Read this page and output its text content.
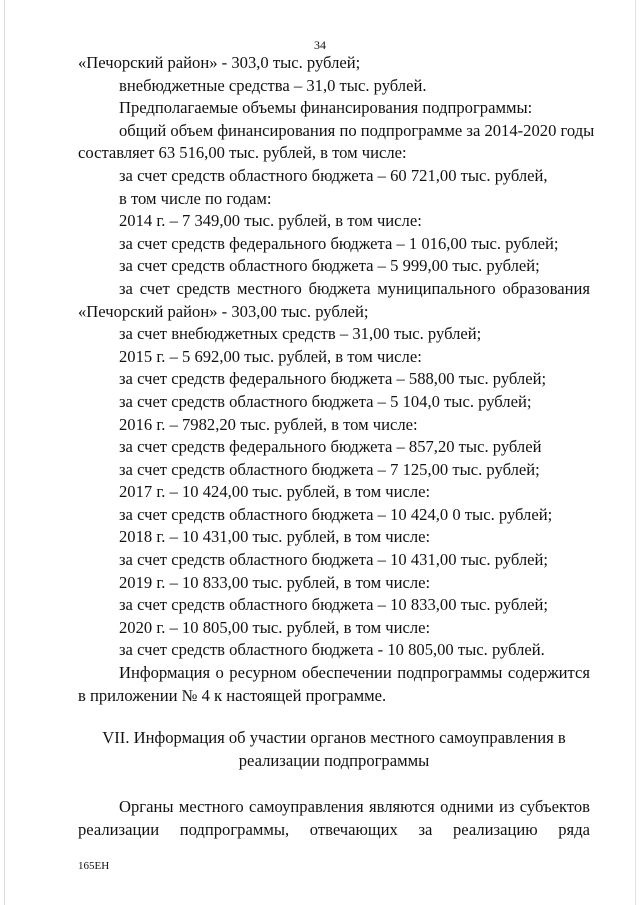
34
«Печорский район» - 303,0 тыс. рублей;
внебюджетные средства – 31,0 тыс. рублей.
Предполагаемые объемы финансирования подпрограммы:
общий объем финансирования по подпрограмме за 2014-2020 годы
составляет 63 516,00 тыс. рублей, в том числе:
за счет средств областного бюджета – 60 721,00 тыс. рублей,
в том числе по годам:
2014 г. – 7 349,00 тыс. рублей, в том числе:
за счет средств федерального бюджета – 1 016,00 тыс. рублей;
за счет средств областного бюджета – 5 999,00 тыс. рублей;
за счет средств местного бюджета муниципального образования
«Печорский район» - 303,00 тыс. рублей;
за счет внебюджетных средств – 31,00 тыс. рублей;
2015 г. – 5 692,00 тыс. рублей, в том числе:
за счет средств федерального бюджета – 588,00 тыс. рублей;
за счет средств областного бюджета – 5 104,0 тыс. рублей;
2016 г. – 7982,20 тыс. рублей, в том числе:
за счет средств федерального бюджета – 857,20 тыс. рублей
за счет средств областного бюджета – 7 125,00 тыс. рублей;
2017 г. – 10 424,00 тыс. рублей, в том числе:
за счет средств областного бюджета – 10 424,0 0 тыс. рублей;
2018 г. – 10 431,00 тыс. рублей, в том числе:
за счет средств областного бюджета – 10 431,00 тыс. рублей;
2019 г. – 10 833,00 тыс. рублей, в том числе:
за счет средств областного бюджета – 10 833,00 тыс. рублей;
2020 г. – 10 805,00 тыс. рублей, в том числе:
за счет средств областного бюджета - 10 805,00 тыс. рублей.
Информация о ресурном обеспечении подпрограммы содержится
в приложении № 4 к настоящей программе.
VII. Информация об участии органов местного самоуправления в
реализации подпрограммы
Органы местного самоуправления являются одними из субъектов
реализации подпрограммы, отвечающих за реализацию ряда
165ЕН
